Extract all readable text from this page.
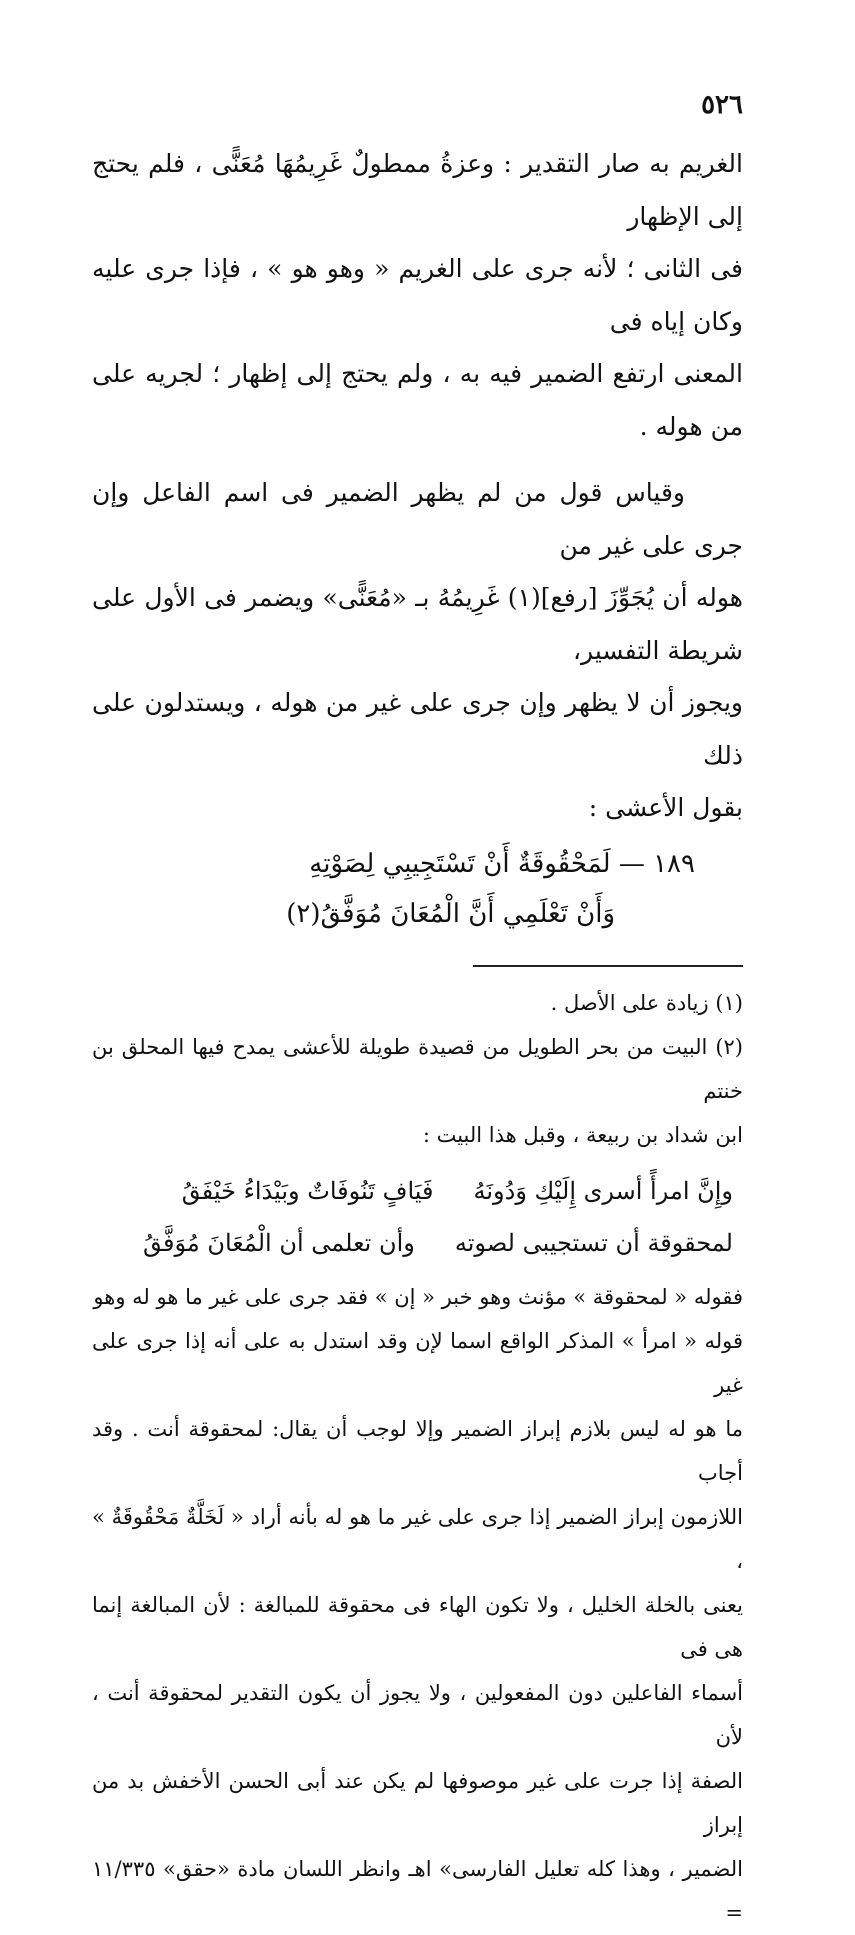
٥٢٦

الغريم به صار التقدير : وعزةُ ممطولٌ غَرِيمُهَا مُعَنًّى ، فلم يحتج إلى الإظهار

فى الثانى ؛ لأنه جرى على الغريم « وهو هو » ، فإذا جرى عليه وكان إياه فى

المعنى ارتفع الضمير فيه به ، ولم يحتج إلى إظهار ؛ لجريه على من هوله .

وقياس قول من لم يظهر الضمير فى اسم الفاعل وإن جرى على غير من

هوله أن يُجَوِّزَ [رفع](١) غَرِيمُهُ بـ «مُعَنًّى» ويضمر فى الأول على شريطة التفسير،

ويجوز أن لا يظهر وإن جرى على غير من هوله ، ويستدلون على ذلك

بقول الأعشى :

١٨٩ — لَمَحْقُوقَةٌ أَنْ تَسْتَجِيبِي لِصَوْتِهِ
وَأَنْ تَعْلَمِي أَنَّ الْمُعَانَ مُوَفَّقُ(٢)

(١) زيادة على الأصل .

(٢) البيت من بحر الطويل من قصيدة طويلة للأعشى يمدح فيها المحلق بن خنتم

ابن شداد بن ربيعة ، وقبل هذا البيت :

وإِنَّ امرأً أسرى إِلَيْكِ وَدُونَهُ
فَيَافٍ تَنُوفَاتٌ وبَيْدَاءُ خَيْفَقُ
لمحقوقة أن تستجيبى لصوته
وأن تعلمى أن الْمُعَانَ مُوَفَّقُ

فقوله « لمحقوقة » مؤنث وهو خبر « إن » فقد جرى على غير ما هو له وهو

قوله « امرأ » المذكر الواقع اسما لإن وقد استدل به على أنه إذا جرى على غير

ما هو له ليس بلازم إبراز الضمير وإلا لوجب أن يقال: لمحقوقة أنت . وقد أجاب

اللازمون إبراز الضمير إذا جرى على غير ما هو له بأنه أراد « لَخَلَّةٌ مَحْقُوقَةٌ » ،

يعنى بالخلة الخليل ، ولا تكون الهاء فى محقوقة للمبالغة : لأن المبالغة إنما هى فى

أسماء الفاعلين دون المفعولين ، ولا يجوز أن يكون التقدير لمحقوقة أنت ، لأن

الصفة إذا جرت على غير موصوفها لم يكن عند أبى الحسن الأخفش بد من إبراز

الضمير ، وهذا كله تعليل الفارسى» اهـ وانظر اللسان مادة «حقق» ١١/٣٣٥ =
